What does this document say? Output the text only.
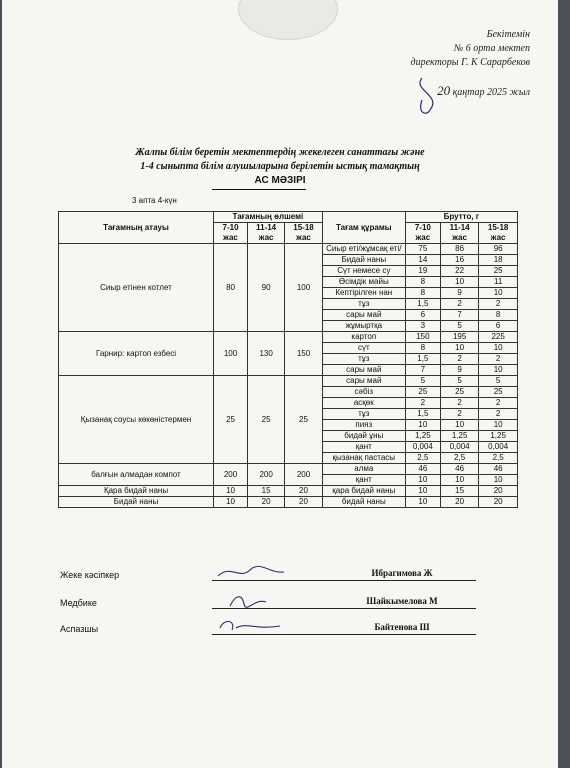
Бекітемін
№ 6 орта мектеп
директоры Г. К Сарарбеков
20 қаңтар 2025 жыл
Жалпы білім беретін мектептердің жекелеген санаттағы және
1-4 сыныпта білім алушыларына берілетін ыстық тамақтың
АС МӘЗІРІ
3 апта 4-күн
Тағамның атауы	Тағамның өлшемі			Тағам құрамы	Брутто, г		
	7-10 жас	11-14 жас	15-18 жас		7-10 жас	11-14 жас	15-18 жас
Сиыр етінен котлет	80	90	100	Сиыр еті/жұмсақ еті/	75	86	96
				Бидай наны	14	16	18
				Сүт немесе су	19	22	25
				Өсімдік майы	8	10	11
				Кептірілген нан	8	9	10
				тұз	1,5	2	2
				сары май	6	7	8
				жұмыртқа	3	5	6
Гарнир: картоп езбесі	100	130	150	картоп	150	195	225
				сүт	8	10	10
				тұз	1,5	2	2
				сары май	7	9	10
Қызанақ соусы көкөністермен	25	25	25	сары май	5	5	5
				сәбіз	25	25	25
				асқөк	2	2	2
				тұз	1,5	2	2
				пияз	10	10	10
				бидай ұны	1,25	1,25	1,25
				қант	0,004	0,004	0,004
				қызанақ пастасы	2,5	2,5	2,5
балғын алмадан компот	200	200	200	алма	46	46	46
				қант	10	10	10
Қара бидай наны	10	15	20	қара бидай наны	10	15	20
Бидай наны	10	20	20	бидай наны	10	20	20
Жеке кәсіпкер	Ибрагимова Ж
Медбике	Шайкымелова М
Аспазшы	Байтенова Ш
